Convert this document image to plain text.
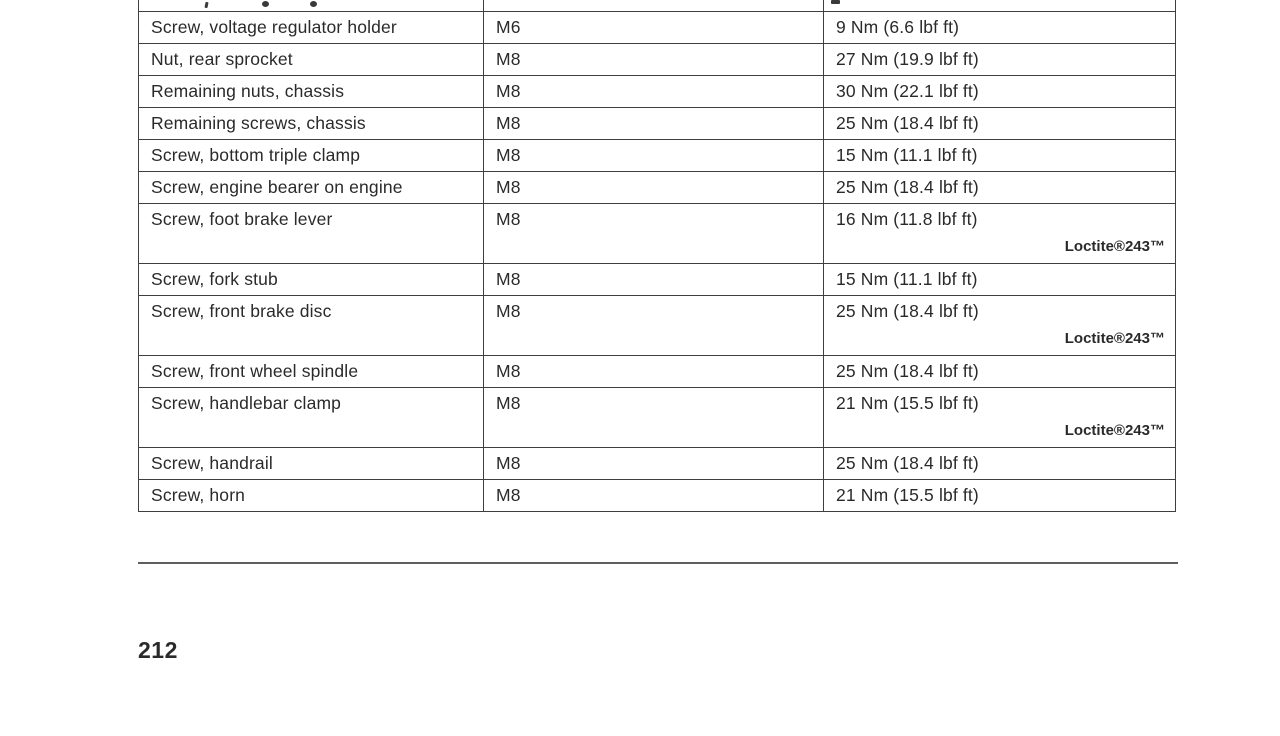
Screw, voltage regulator holder	M6	9 Nm (6.6 lbf ft)
Nut, rear sprocket	M8	27 Nm (19.9 lbf ft)
Remaining nuts, chassis	M8	30 Nm (22.1 lbf ft)
Remaining screws, chassis	M8	25 Nm (18.4 lbf ft)
Screw, bottom triple clamp	M8	15 Nm (11.1 lbf ft)
Screw, engine bearer on engine	M8	25 Nm (18.4 lbf ft)
Screw, foot brake lever	M8	16 Nm (11.8 lbf ft)
Loctite®243™
Screw, fork stub	M8	15 Nm (11.1 lbf ft)
Screw, front brake disc	M8	25 Nm (18.4 lbf ft)
Loctite®243™
Screw, front wheel spindle	M8	25 Nm (18.4 lbf ft)
Screw, handlebar clamp	M8	21 Nm (15.5 lbf ft)
Loctite®243™
Screw, handrail	M8	25 Nm (18.4 lbf ft)
Screw, horn	M8	21 Nm (15.5 lbf ft)
212
